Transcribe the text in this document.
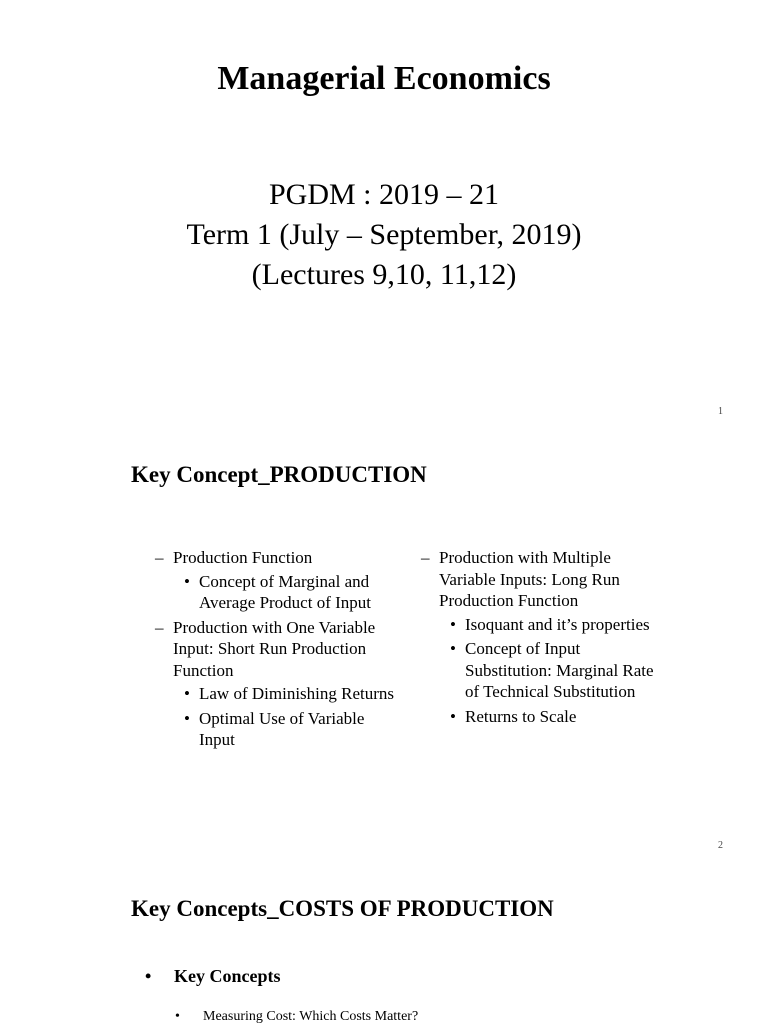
Managerial Economics
PGDM : 2019 – 21
Term 1 (July – September, 2019)
(Lectures 9,10, 11,12)
1
Key Concept_PRODUCTION
– Production Function
• Concept of Marginal and Average Product of Input
– Production with One Variable Input: Short Run Production Function
• Law of Diminishing Returns
• Optimal Use of Variable Input
– Production with Multiple Variable Inputs: Long Run Production Function
• Isoquant and it’s properties
• Concept of Input Substitution: Marginal Rate of Technical Substitution
• Returns to Scale
2
Key Concepts_COSTS OF PRODUCTION
• Key Concepts
• Measuring Cost: Which Costs Matter?
